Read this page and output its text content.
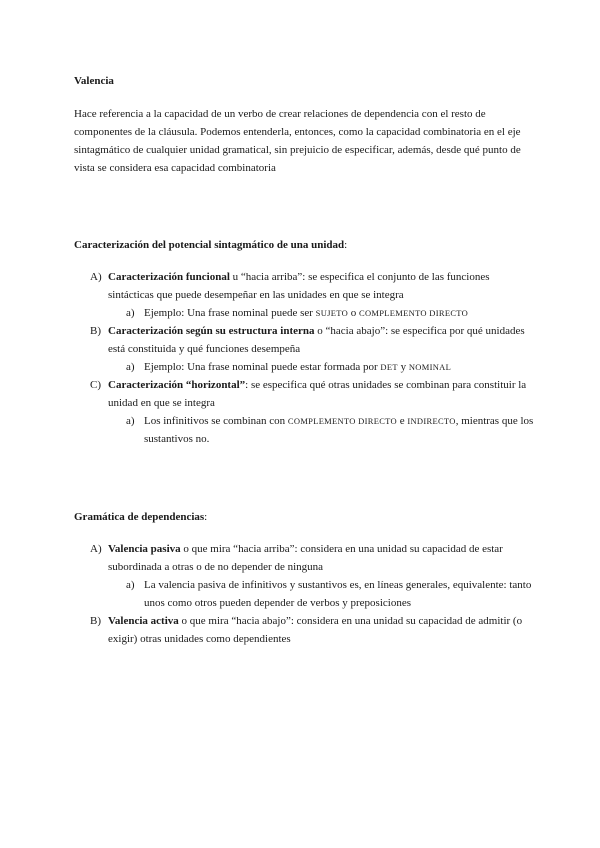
Valencia

Hace referencia a la capacidad de un verbo de crear relaciones de dependencia con el resto de componentes de la cláusula. Podemos entenderla, entonces, como la capacidad combinatoria en el eje sintagmático de cualquier unidad gramatical, sin prejuicio de especificar, además, desde qué punto de vista se considera esa capacidad combinatoria

Caracterización del potencial sintagmático de una unidad:
A) Caracterización funcional u “hacia arriba”: se especifica el conjunto de las funciones sintácticas que puede desempeñar en las unidades en que se integra
a) Ejemplo: Una frase nominal puede ser SUJETO o COMPLEMENTO DIRECTO
B) Caracterización según su estructura interna o “hacia abajo”: se especifica por qué unidades está constituida y qué funciones desempeña
a) Ejemplo: Una frase nominal puede estar formada por DET y NOMINAL
C) Caracterización “horizontal”: se especifica qué otras unidades se combinan para constituir la unidad en que se integra
a) Los infinitivos se combinan con COMPLEMENTO DIRECTO e INDIRECTO, mientras que los sustantivos no.
Gramática de dependencias:
A) Valencia pasiva o que mira “hacia arriba”: considera en una unidad su capacidad de estar subordinada a otras o de no depender de ninguna
a) La valencia pasiva de infinitivos y sustantivos es, en líneas generales, equivalente: tanto unos como otros pueden depender de verbos y preposiciones
B) Valencia activa o que mira “hacia abajo”: considera en una unidad su capacidad de admitir (o exigir) otras unidades como dependientes
